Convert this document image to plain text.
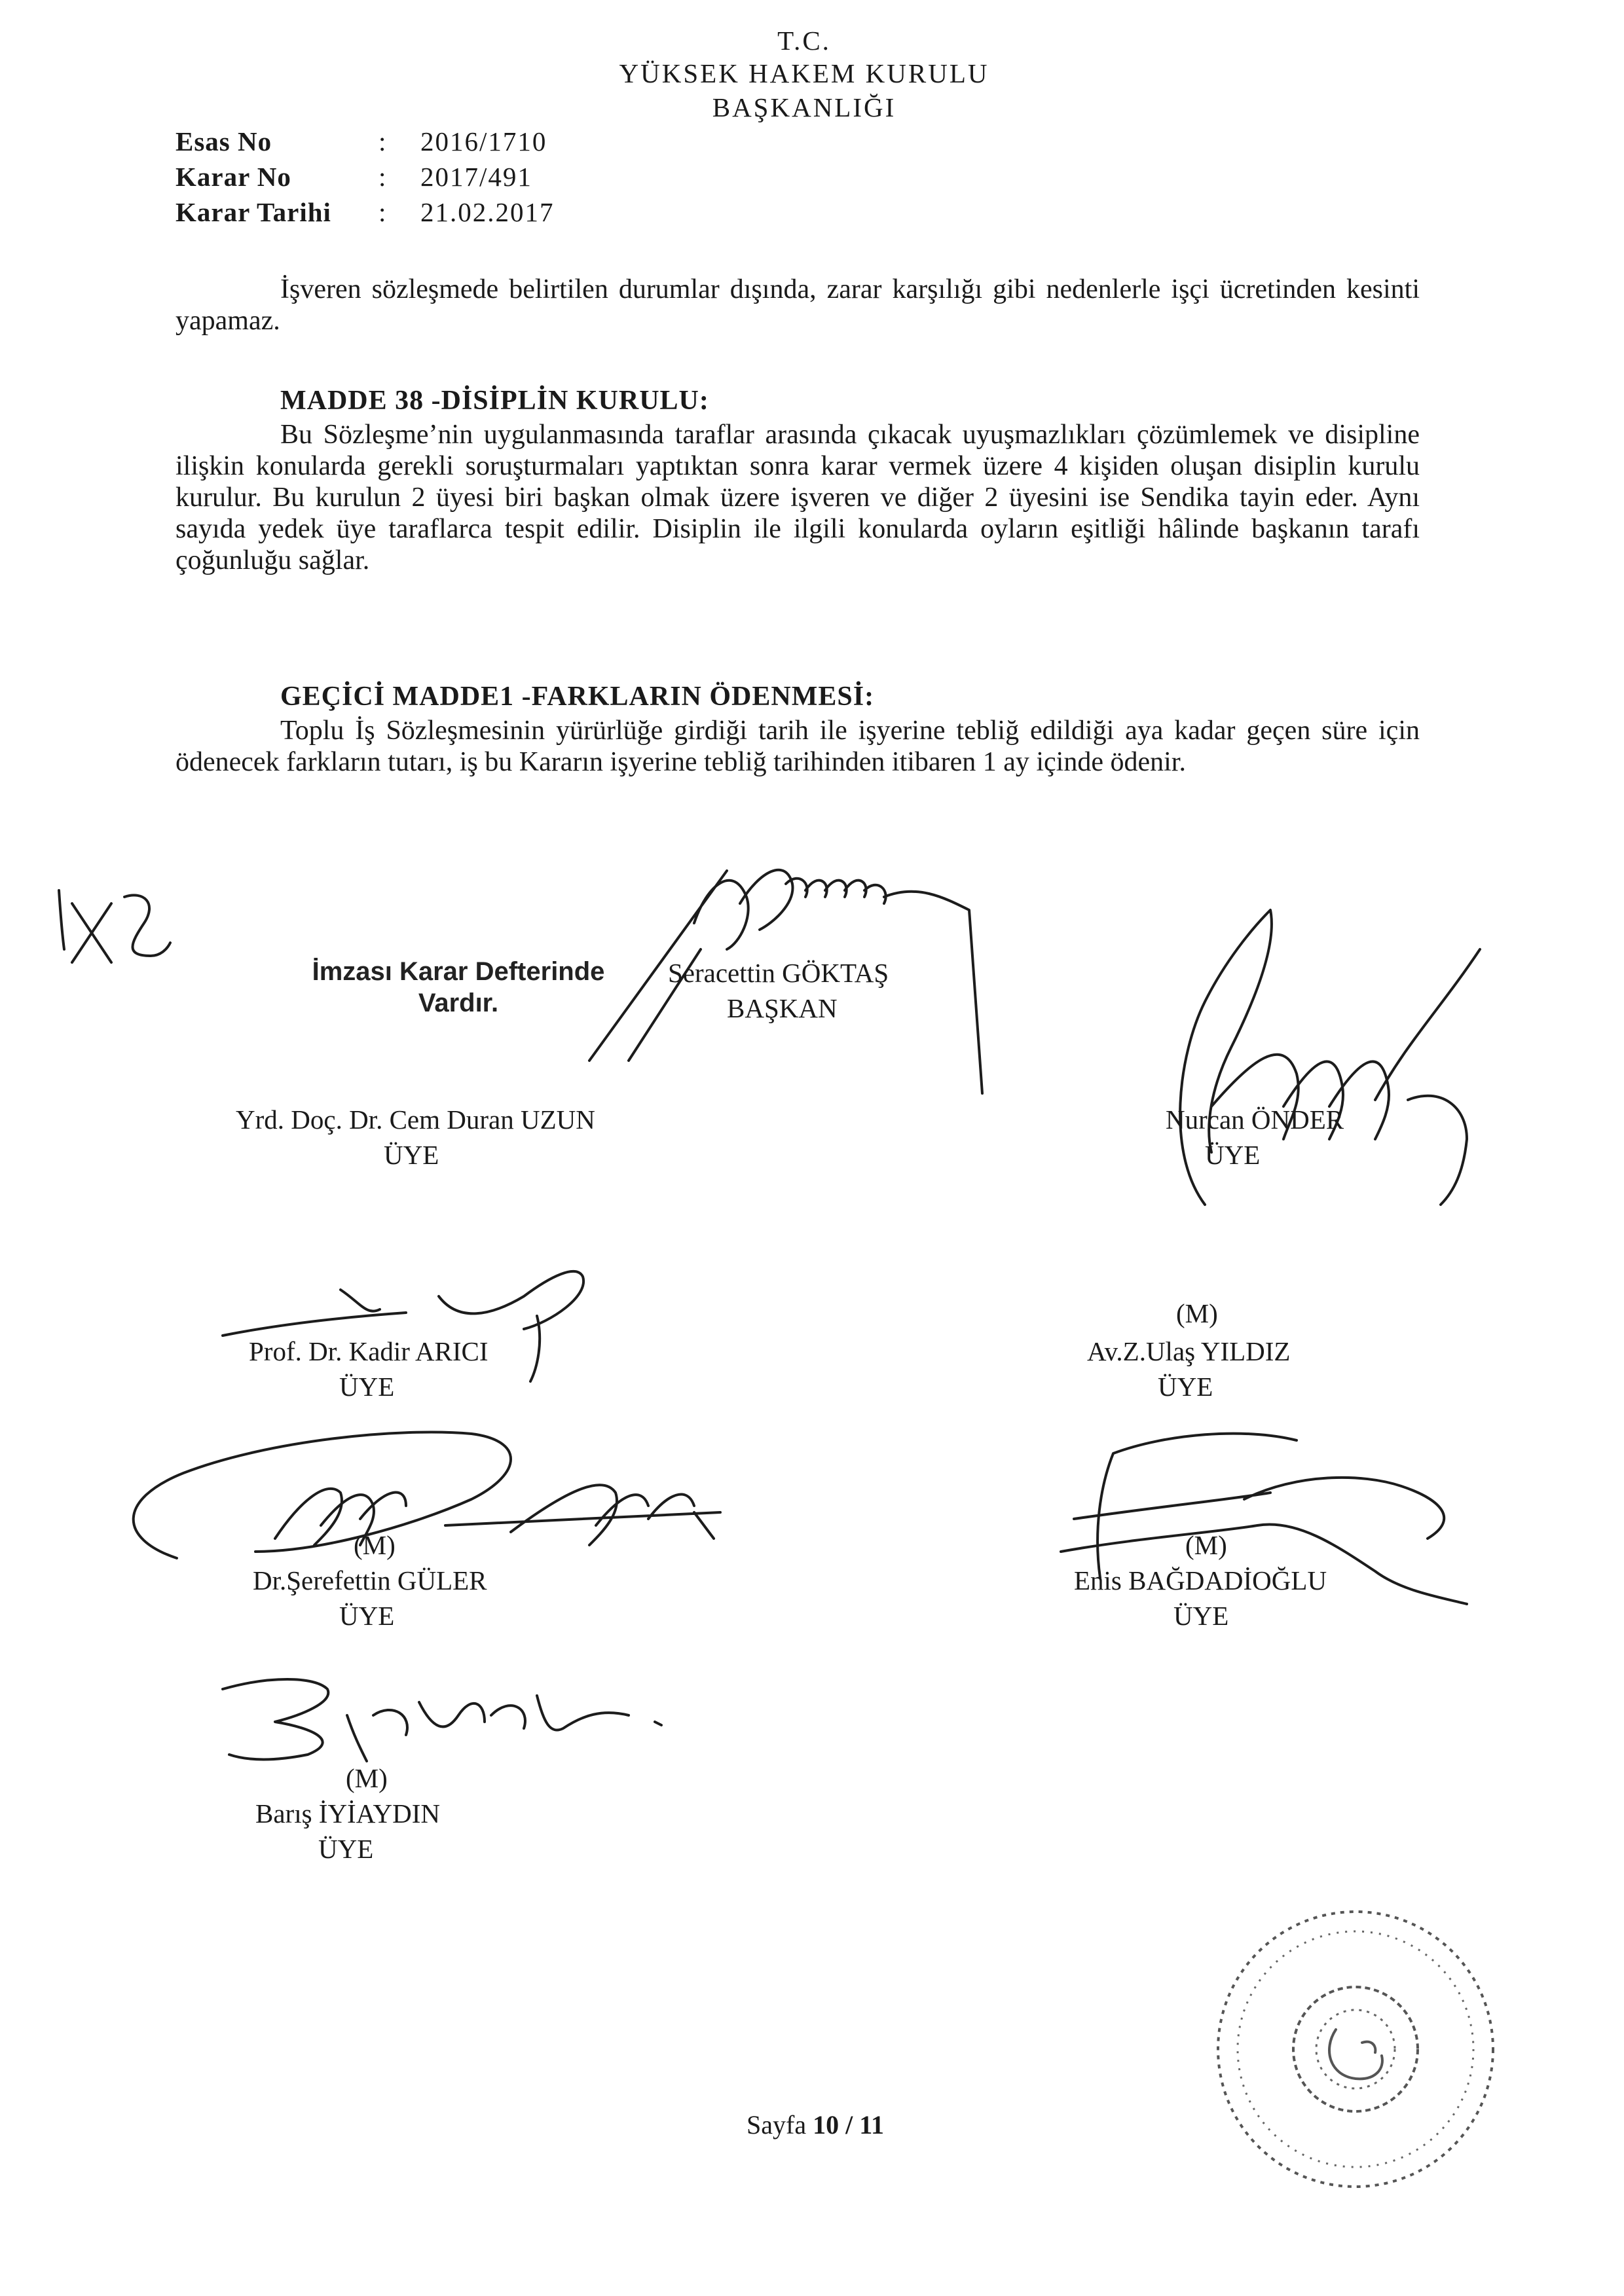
T.C.
YÜKSEK HAKEM KURULU
BAŞKANLIĞI
Esas No	: 2016/1710
Karar No	: 2017/491
Karar Tarihi : 21.02.2017
İşveren sözleşmede belirtilen durumlar dışında, zarar karşılığı gibi nedenlerle işçi ücretinden kesinti yapamaz.
MADDE 38 -DİSİPLİN KURULU:
Bu Sözleşme’nin uygulanmasında taraflar arasında çıkacak uyuşmazlıkları çözümlemek ve disipline ilişkin konularda gerekli soruşturmaları yaptıktan sonra karar vermek üzere 4 kişiden oluşan disiplin kurulu kurulur. Bu kurulun 2 üyesi biri başkan olmak üzere işveren ve diğer 2 üyesini ise Sendika tayin eder. Aynı sayıda yedek üye taraflarca tespit edilir. Disiplin ile ilgili konularda oyların eşitliği hâlinde başkanın tarafı çoğunluğu sağlar.
GEÇİCİ MADDE1 -FARKLARIN ÖDENMESİ:
Toplu İş Sözleşmesinin yürürlüğe girdiği tarih ile işyerine tebliğ edildiği aya kadar geçen süre için ödenecek farkların tutarı, iş bu Kararın işyerine tebliğ tarihinden itibaren 1 ay içinde ödenir.
İmzası Karar Defterinde
Vardır.
Seracettin GÖKTAŞ
BAŞKAN
Yrd. Doç. Dr. Cem Duran UZUN
ÜYE
Nurcan ÖNDER
ÜYE
Prof. Dr. Kadir ARICI
ÜYE
(M)
Av.Z.Ulaş YILDIZ
ÜYE
(M)
Dr.Şerefettin GÜLER
ÜYE
(M)
Enis BAĞDADİOĞLU
ÜYE
(M)
Barış İYİAYDIN
ÜYE
Sayfa 10 / 11
